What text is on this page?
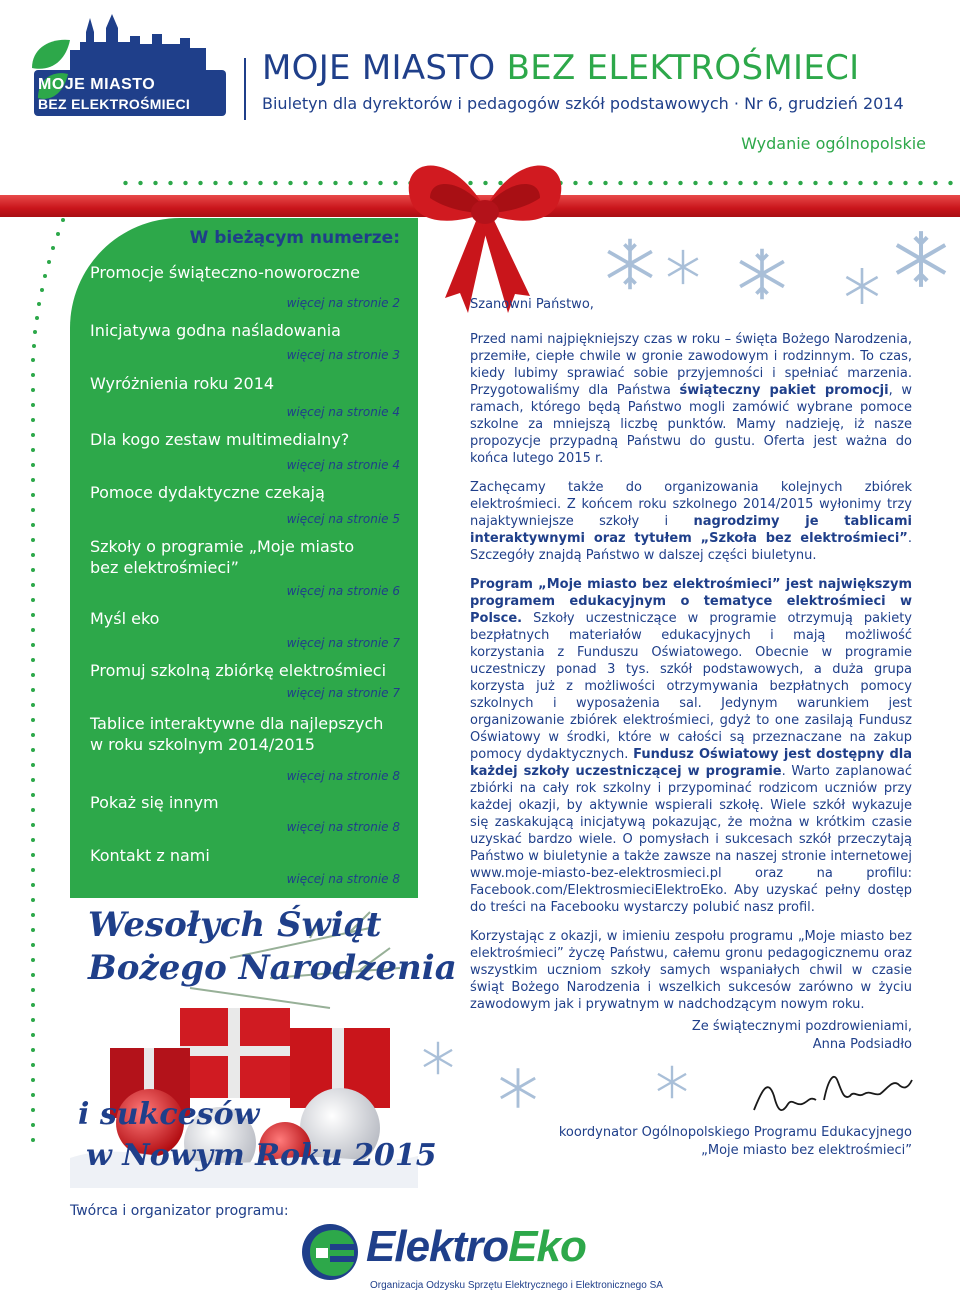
MOJE MIASTO
BEZ ELEKTROŚMIECI
MOJE MIASTO BEZ ELEKTROŚMIECI
Biuletyn dla dyrektorów i pedagogów szkół podstawowych · Nr 6, grudzień 2014
Wydanie ogólnopolskie
W bieżącym numerze:
Promocje świąteczno-noworoczne
więcej na stronie 2
Inicjatywa godna naśladowania
więcej na stronie 3
Wyróżnienia roku 2014
więcej na stronie 4
Dla kogo zestaw multimedialny?
więcej na stronie 4
Pomoce dydaktyczne czekają
więcej na stronie 5
Szkoły o programie „Moje miasto bez elektrośmieci”
więcej na stronie 6
Myśl eko
więcej na stronie 7
Promuj szkolną zbiórkę elektrośmieci
więcej na stronie 7
Tablice interaktywne dla najlepszych w roku szkolnym 2014/2015
więcej na stronie 8
Pokaż się innym
więcej na stronie 8
Kontakt z nami
więcej na stronie 8
Wesołych Świąt
Bożego Narodzenia
i sukcesów
w Nowym Roku 2015

Szanowni Państwo,

Przed nami najpiękniejszy czas w roku – święta Bożego Narodzenia, przemiłe, ciepłe chwile w gronie zawodowym i rodzinnym. To czas, kiedy lubimy sprawiać sobie przyjemności i spełniać marzenia. Przygotowaliśmy dla Państwa świąteczny pakiet promocji, w ramach, którego będą Państwo mogli zamówić wybrane pomoce szkolne za mniejszą liczbę punktów. Mamy nadzieję, iż nasze propozycje przypadną Państwu do gustu. Oferta jest ważna do końca lutego 2015 r.

Zachęcamy także do organizowania kolejnych zbiórek elektrośmieci. Z końcem roku szkolnego 2014/2015 wyłonimy trzy najaktywniejsze szkoły i nagrodzimy je tablicami interaktywnymi oraz tytułem „Szkoła bez elektrośmieci”. Szczegóły znajdą Państwo w dalszej części biuletynu.

Program „Moje miasto bez elektrośmieci” jest największym programem edukacyjnym o tematyce elektrośmieci w Polsce. Szkoły uczestniczące w programie otrzymują pakiety bezpłatnych materiałów edukacyjnych i mają możliwość korzystania z Funduszu Oświatowego. Obecnie w programie uczestniczy ponad 3 tys. szkół podstawowych, a duża grupa korzysta już z możliwości otrzymywania bezpłatnych pomocy szkolnych i wyposażenia sal. Jedynym warunkiem jest organizowanie zbiórek elektrośmieci, gdyż to one zasilają Fundusz Oświatowy w środki, które w całości są przeznaczane na zakup pomocy dydaktycznych. Fundusz Oświatowy jest dostępny dla każdej szkoły uczestniczącej w programie. Warto zaplanować zbiórki na cały rok szkolny i przypominać rodzicom uczniów przy każdej okazji, by aktywnie wspierali szkołę. Wiele szkół wykazuje się zaskakującą inicjatywą pokazując, że można w krótkim czasie uzyskać bardzo wiele. O pomysłach i sukcesach szkół przeczytają Państwo w biuletynie a także zawsze na naszej stronie internetowej www.moje-miasto-bez-elektrosmieci.pl oraz na profilu: Facebook.com/ElektrosmieciElektroEko. Aby uzyskać pełny dostęp do treści na Facebooku wystarczy polubić nasz profil.

Korzystając z okazji, w imieniu zespołu programu „Moje miasto bez elektrośmieci” życzę Państwu, całemu gronu pedagogicznemu oraz wszystkim uczniom szkoły samych wspaniałych chwil w czasie świąt Bożego Narodzenia i wszelkich sukcesów zarówno w życiu zawodowym jak i prywatnym w nadchodzącym nowym roku.

Ze świątecznymi pozdrowieniami,
Anna Podsiadło
koordynator Ogólnopolskiego Programu Edukacyjnego
„Moje miasto bez elektrośmieci”
Twórca i organizator programu:
ElektroEko
Organizacja Odzysku Sprzętu Elektrycznego i Elektronicznego SA
